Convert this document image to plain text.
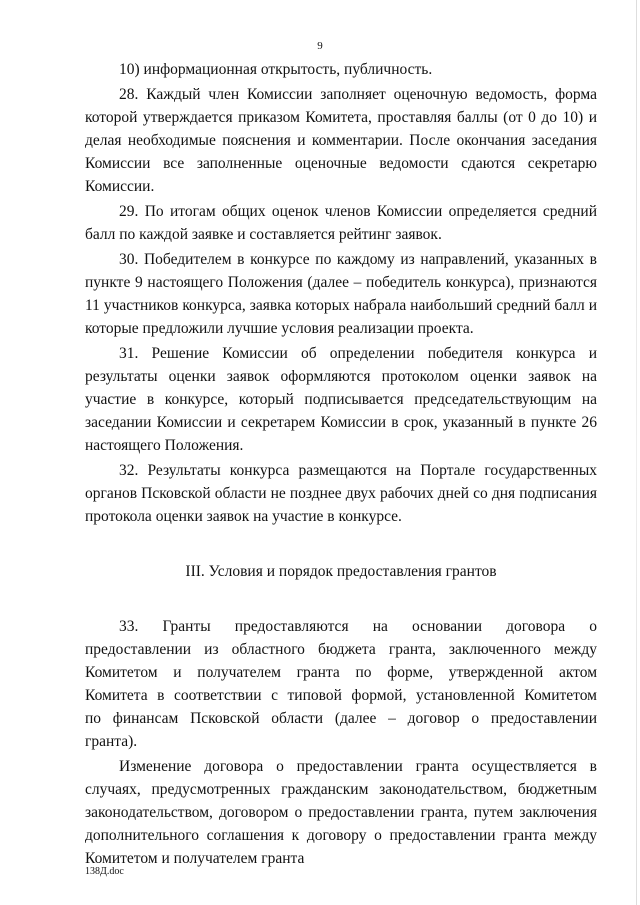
9

10) информационная открытость, публичность.

28. Каждый член Комиссии заполняет оценочную ведомость, форма которой утверждается приказом Комитета, проставляя баллы (от 0 до 10) и делая необходимые пояснения и комментарии. После окончания заседания Комиссии все заполненные оценочные ведомости сдаются секретарю Комиссии.

29. По итогам общих оценок членов Комиссии определяется средний балл по каждой заявке и составляется рейтинг заявок.

30. Победителем в конкурсе по каждому из направлений, указанных в пункте 9 настоящего Положения (далее – победитель конкурса), признаются 11 участников конкурса, заявка которых набрала наибольший средний балл и которые предложили лучшие условия реализации проекта.

31. Решение Комиссии об определении победителя конкурса и результаты оценки заявок оформляются протоколом оценки заявок на участие в конкурсе, который подписывается председательствующим на заседании Комиссии и секретарем Комиссии в срок, указанный в пункте 26 настоящего Положения.

32. Результаты конкурса размещаются на Портале государственных органов Псковской области не позднее двух рабочих дней со дня подписания протокола оценки заявок на участие в конкурсе.

III. Условия и порядок предоставления грантов

33. Гранты предоставляются на основании договора о предоставлении из областного бюджета гранта, заключенного между Комитетом и получателем гранта по форме, утвержденной актом Комитета в соответствии с типовой формой, установленной Комитетом по финансам Псковской области (далее – договор о предоставлении гранта).

Изменение договора о предоставлении гранта осуществляется в случаях, предусмотренных гражданским законодательством, бюджетным законодательством, договором о предоставлении гранта, путем заключения дополнительного соглашения к договору о предоставлении гранта между Комитетом и получателем гранта

138Д.doc
